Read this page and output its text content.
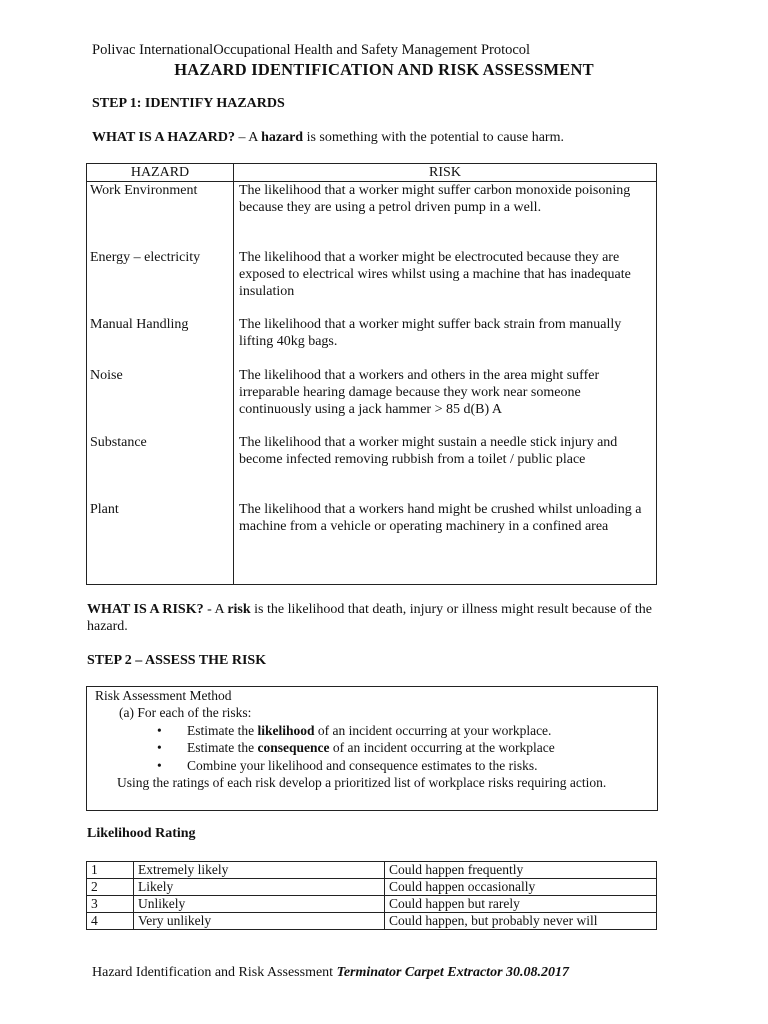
Polivac InternationalOccupational Health and Safety Management Protocol
HAZARD IDENTIFICATION AND RISK ASSESSMENT
STEP 1: IDENTIFY HAZARDS
WHAT IS A HAZARD? – A hazard is something with the potential to cause harm.
HAZARD	RISK
Work Environment	The likelihood that a worker might suffer carbon monoxide poisoning because they are using a petrol driven pump in a well.
Energy – electricity	The likelihood that a worker might be electrocuted because they are exposed to electrical wires whilst using a machine that has inadequate insulation
Manual Handling	The likelihood that a worker might suffer back strain from manually lifting 40kg bags.
Noise	The likelihood that a workers and others in the area might suffer irreparable hearing damage because they work near someone continuously using a jack hammer > 85 d(B) A
Substance	The likelihood that a worker might sustain a needle stick injury and become infected removing rubbish from a toilet / public place
Plant	The likelihood that a workers hand might be crushed whilst unloading a machine from a vehicle or operating machinery in a confined area
WHAT IS A RISK? - A risk is the likelihood that death, injury or illness might result because of the hazard.
STEP 2 – ASSESS THE RISK
Risk Assessment Method
(a) For each of the risks:
• Estimate the likelihood of an incident occurring at your workplace.
• Estimate the consequence of an incident occurring at the workplace
• Combine your likelihood and consequence estimates to the risks.
Using the ratings of each risk develop a prioritized list of workplace risks requiring action.
Likelihood Rating
1	Extremely likely	Could happen frequently
2	Likely	Could happen occasionally
3	Unlikely	Could happen but rarely
4	Very unlikely	Could happen, but probably never will
Hazard Identification and Risk Assessment Terminator Carpet Extractor 30.08.2017
